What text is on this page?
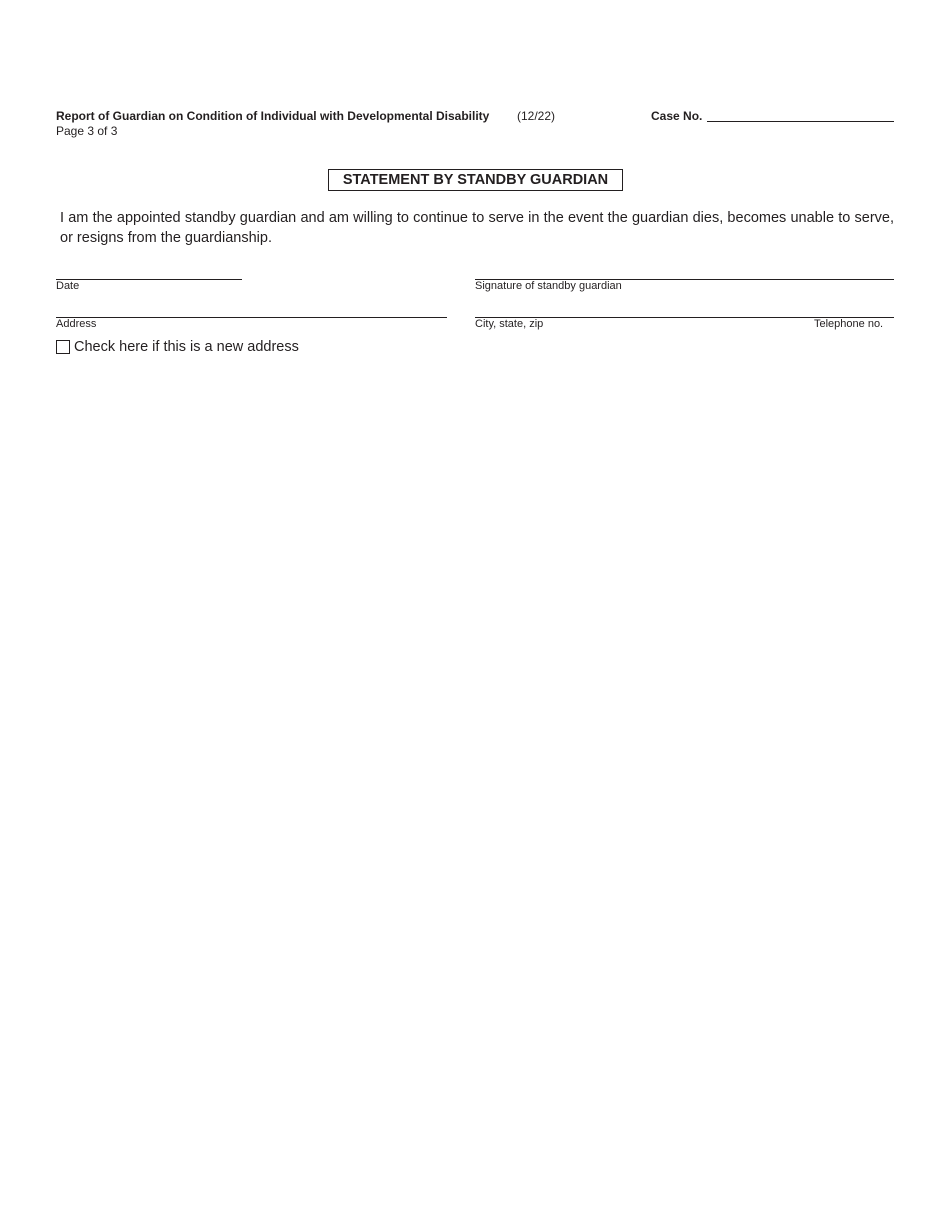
Report of Guardian on Condition of Individual with Developmental Disability (12/22)
Page 3 of 3
Case No.
STATEMENT BY STANDBY GUARDIAN
I am the appointed standby guardian and am willing to continue to serve in the event the guardian dies, becomes unable to serve, or resigns from the guardianship.
Date	Signature of standby guardian
Address	City, state, zip	Telephone no.
Check here if this is a new address
